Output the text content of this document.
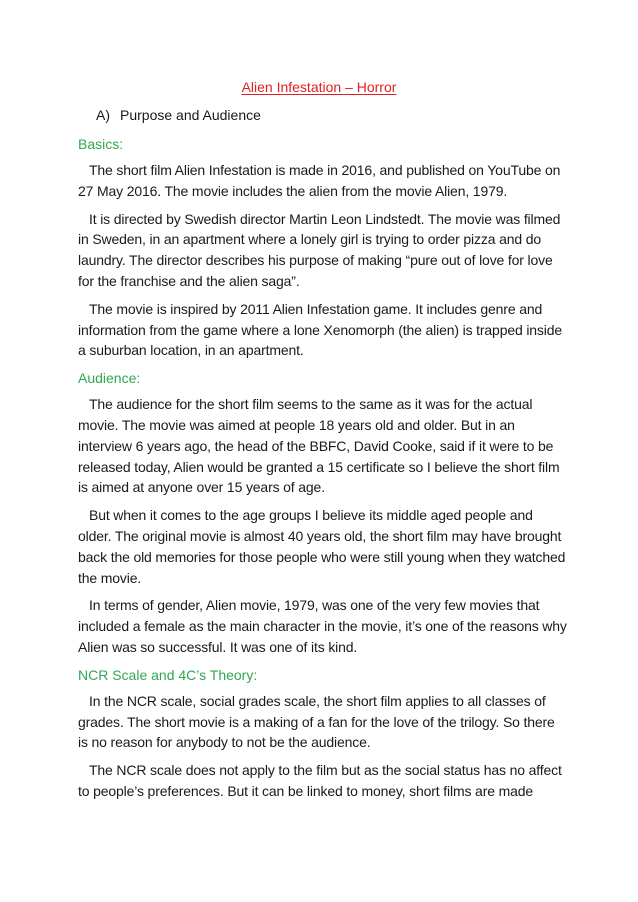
Alien Infestation – Horror

A) Purpose and Audience

Basics:

The short film Alien Infestation is made in 2016, and published on YouTube on 27 May 2016. The movie includes the alien from the movie Alien, 1979.

It is directed by Swedish director Martin Leon Lindstedt. The movie was filmed in Sweden, in an apartment where a lonely girl is trying to order pizza and do laundry. The director describes his purpose of making “pure out of love for love for the franchise and the alien saga”.

The movie is inspired by 2011 Alien Infestation game. It includes genre and information from the game where a lone Xenomorph (the alien) is trapped inside a suburban location, in an apartment.

Audience:

The audience for the short film seems to the same as it was for the actual movie. The movie was aimed at people 18 years old and older. But in an interview 6 years ago, the head of the BBFC, David Cooke, said if it were to be released today, Alien would be granted a 15 certificate so I believe the short film is aimed at anyone over 15 years of age.

But when it comes to the age groups I believe its middle aged people and older. The original movie is almost 40 years old, the short film may have brought back the old memories for those people who were still young when they watched the movie.

In terms of gender, Alien movie, 1979, was one of the very few movies that included a female as the main character in the movie, it’s one of the reasons why Alien was so successful. It was one of its kind.

NCR Scale and 4C’s Theory:

In the NCR scale, social grades scale, the short film applies to all classes of grades. The short movie is a making of a fan for the love of the trilogy. So there is no reason for anybody to not be the audience.

The NCR scale does not apply to the film but as the social status has no affect to people’s preferences. But it can be linked to money, short films are made
